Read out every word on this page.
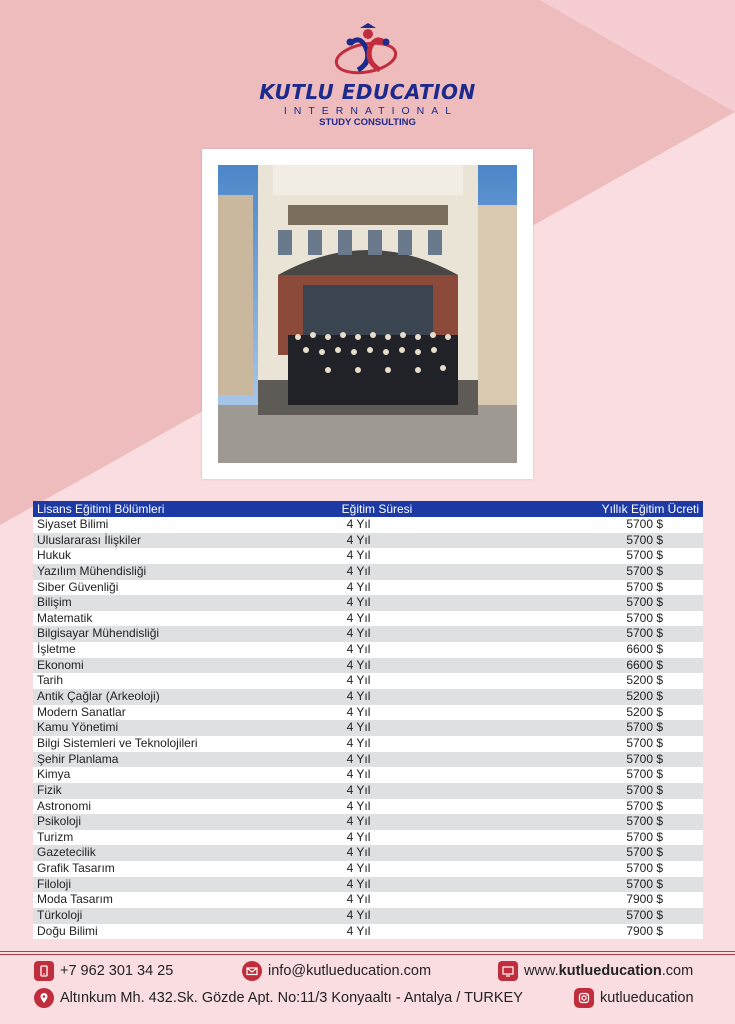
KUTLU EDUCATION
INTERNATIONAL
STUDY CONSULTING
Lisans Eğitimi Bölümleri	Eğitim Süresi	Yıllık Eğitim Ücreti
Siyaset Bilimi	4 Yıl	5700 $
Uluslararası İlişkiler	4 Yıl	5700 $
Hukuk	4 Yıl	5700 $
Yazılım Mühendisliği	4 Yıl	5700 $
Siber Güvenliği	4 Yıl	5700 $
Bilişim	4 Yıl	5700 $
Matematik	4 Yıl	5700 $
Bilgisayar Mühendisliği	4 Yıl	5700 $
İşletme	4 Yıl	6600 $
Ekonomi	4 Yıl	6600 $
Tarih	4 Yıl	5200 $
Antik Çağlar (Arkeoloji)	4 Yıl	5200 $
Modern Sanatlar	4 Yıl	5200 $
Kamu Yönetimi	4 Yıl	5700 $
Bilgi Sistemleri ve Teknolojileri	4 Yıl	5700 $
Şehir Planlama	4 Yıl	5700 $
Kimya	4 Yıl	5700 $
Fizik	4 Yıl	5700 $
Astronomi	4 Yıl	5700 $
Psikoloji	4 Yıl	5700 $
Turizm	4 Yıl	5700 $
Gazetecilik	4 Yıl	5700 $
Grafik Tasarım	4 Yıl	5700 $
Filoloji	4 Yıl	5700 $
Moda Tasarım	4 Yıl	7900 $
Türkoloji	4 Yıl	5700 $
Doğu Bilimi	4 Yıl	7900 $
+7 962 301 34 25	info@kutlueducation.com	www. kutlueducation .com
Altınkum Mh. 432.Sk. Gözde Apt. No:11/3 Konyaaltı - Antalya / TURKEY	kutlueducation
